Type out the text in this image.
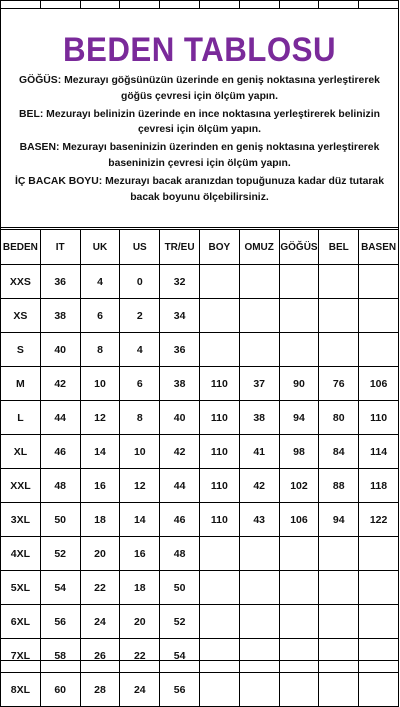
BEDEN TABLOSU

GÖĞÜS: Mezurayı göğsünüzün üzerinde en geniş noktasına yerleştirerek göğüs çevresi için ölçüm yapın.

BEL: Mezurayı belinizin üzerinde en ince noktasına yerleştirerek belinizin çevresi için ölçüm yapın.

BASEN: Mezurayı baseninizin üzerinden en geniş noktasına yerleştirerek baseninizin çevresi için ölçüm yapın.

İÇ BACAK BOYU: Mezurayı bacak aranızdan topuğunuza kadar düz tutarak bacak boyunu ölçebilirsiniz.

BEDEN	IT	UK	US	TR/EU	BOY	OMUZ	GÖĞÜS	BEL	BASEN
XXS	36	4	0	32					
XS	38	6	2	34					
S	40	8	4	36					
M	42	10	6	38	110	37	90	76	106
L	44	12	8	40	110	38	94	80	110
XL	46	14	10	42	110	41	98	84	114
XXL	48	16	12	44	110	42	102	88	118
3XL	50	18	14	46	110	43	106	94	122
4XL	52	20	16	48					
5XL	54	22	18	50					
6XL	56	24	20	52					
7XL	58	26	22	54					
8XL	60	28	24	56					
